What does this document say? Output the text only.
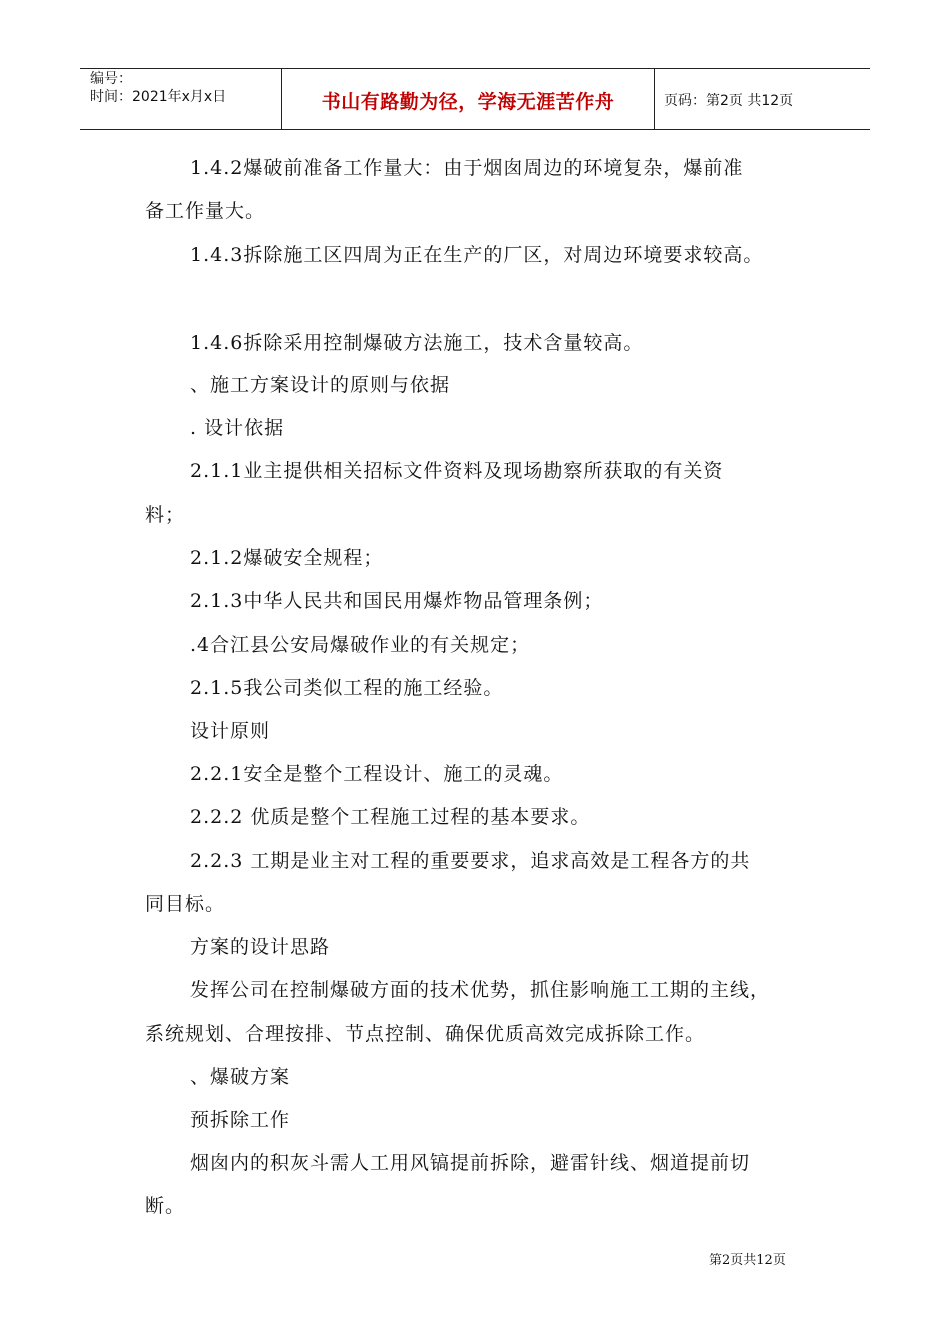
编号：
时间：2021年x月x日	书山有路勤为径，学海无涯苦作舟	页码：第2页 共12页
1.4.2爆破前准备工作量大：由于烟囱周边的环境复杂，爆前准
备工作量大。
1.4.3拆除施工区四周为正在生产的厂区，对周边环境要求较高。
1.4.6拆除采用控制爆破方法施工，技术含量较高。
、施工方案设计的原则与依据
. 设计依据
2.1.1业主提供相关招标文件资料及现场勘察所获取的有关资
料；
2.1.2爆破安全规程；
2.1.3中华人民共和国民用爆炸物品管理条例；
.4合江县公安局爆破作业的有关规定；
2.1.5我公司类似工程的施工经验。
设计原则
2.2.1安全是整个工程设计、施工的灵魂。
2.2.2 优质是整个工程施工过程的基本要求。
2.2.3 工期是业主对工程的重要要求，追求高效是工程各方的共
同目标。
方案的设计思路
发挥公司在控制爆破方面的技术优势，抓住影响施工工期的主线，
系统规划、合理按排、节点控制、确保优质高效完成拆除工作。
、爆破方案
预拆除工作
烟囱内的积灰斗需人工用风镐提前拆除，避雷针线、烟道提前切
断。
第2页共12页
